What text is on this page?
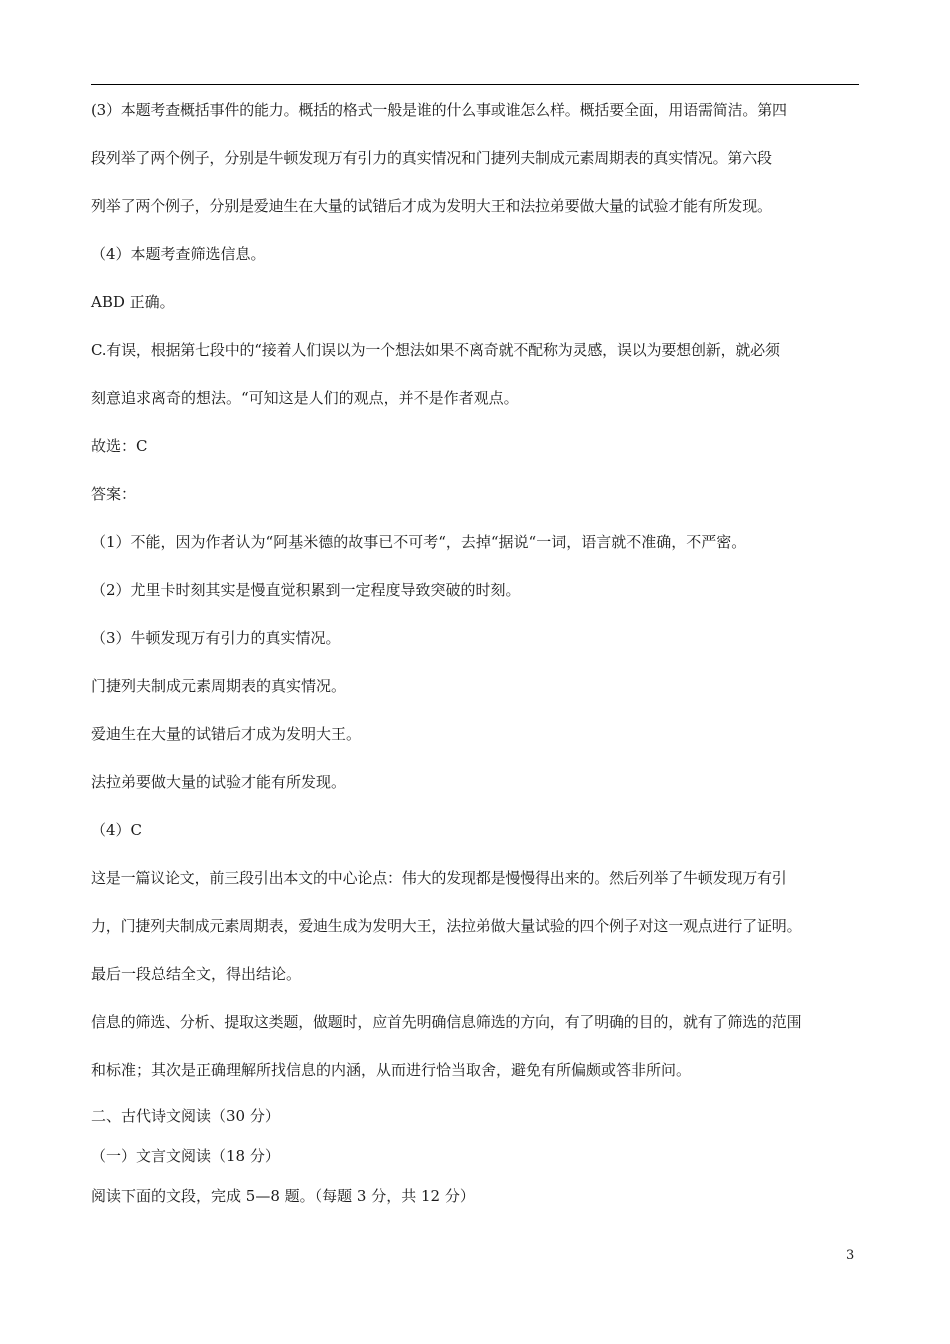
(3）本题考查概括事件的能力。概括的格式一般是谁的什么事或谁怎么样。概括要全面，用语需简洁。第四
段列举了两个例子，分别是牛顿发现万有引力的真实情况和门捷列夫制成元素周期表的真实情况。第六段
列举了两个例子，分别是爱迪生在大量的试错后才成为发明大王和法拉弟要做大量的试验才能有所发现。
（4）本题考查筛选信息。
ABD 正确。
C.有误，根据第七段中的“接着人们误以为一个想法如果不离奇就不配称为灵感，误以为要想创新，就必须
刻意追求离奇的想法。“可知这是人们的观点，并不是作者观点。
故选：C
答案：
（1）不能，因为作者认为“阿基米德的故事已不可考“，去掉“据说“一词，语言就不准确，不严密。
（2）尤里卡时刻其实是慢直觉积累到一定程度导致突破的时刻。
（3）牛顿发现万有引力的真实情况。
门捷列夫制成元素周期表的真实情况。
爱迪生在大量的试错后才成为发明大王。
法拉弟要做大量的试验才能有所发现。
（4）C
这是一篇议论文，前三段引出本文的中心论点：伟大的发现都是慢慢得出来的。然后列举了牛顿发现万有引
力，门捷列夫制成元素周期表，爱迪生成为发明大王，法拉弟做大量试验的四个例子对这一观点进行了证明。
最后一段总结全文，得出结论。
信息的筛选、分析、提取这类题，做题时，应首先明确信息筛选的方向，有了明确的目的，就有了筛选的范围
和标准；其次是正确理解所找信息的内涵，从而进行恰当取舍，避免有所偏颇或答非所问。
二、古代诗文阅读（30 分）
（一）文言文阅读（18 分）
阅读下面的文段，完成 5—8 题。（每题 3 分，共 12 分）
3
